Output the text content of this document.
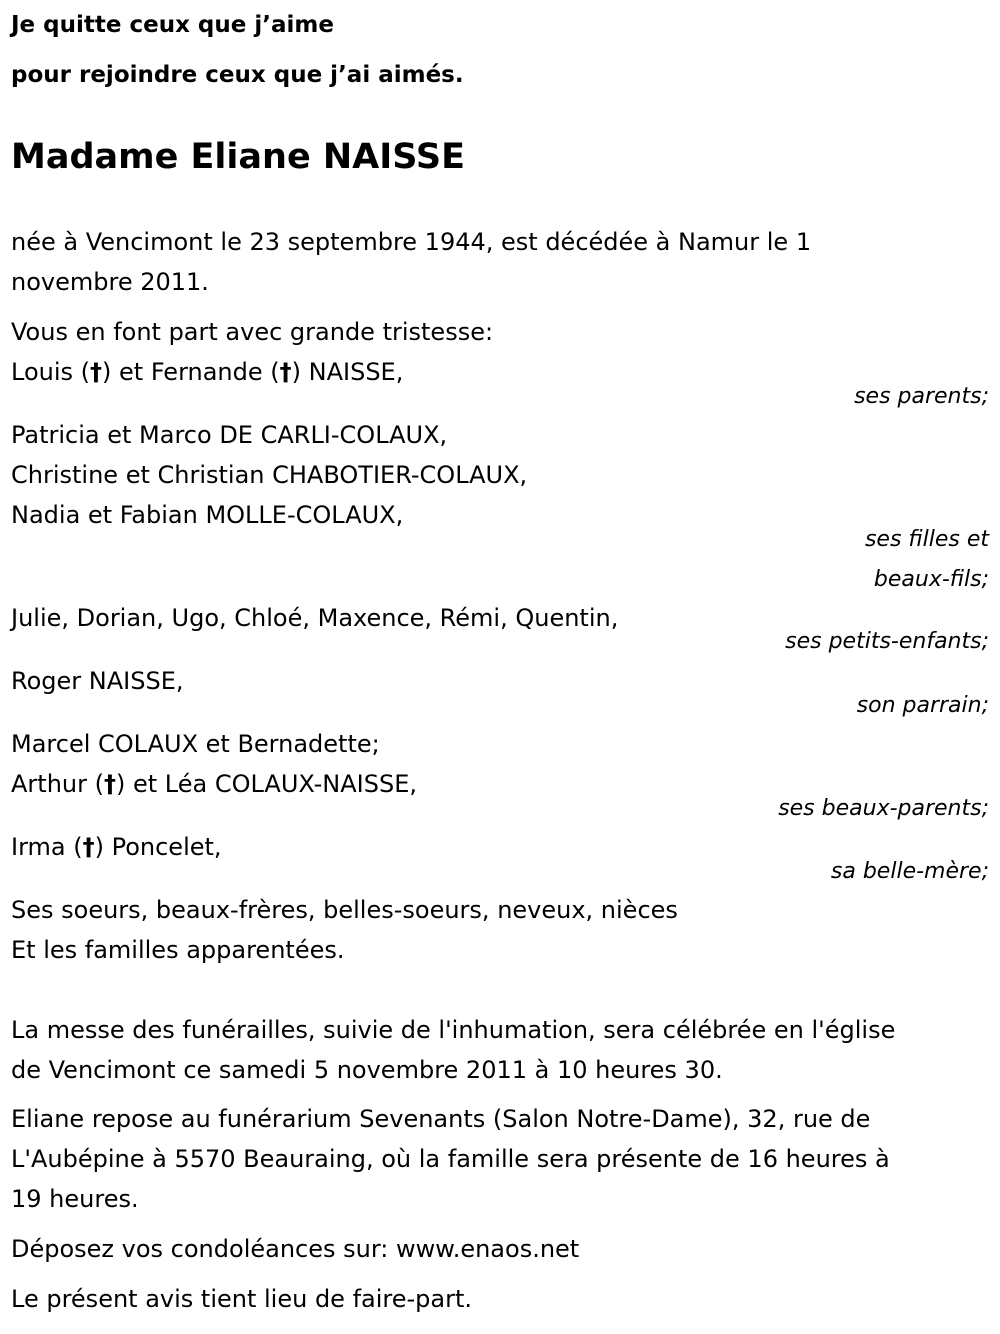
Je quitte ceux que j’aime
pour rejoindre ceux que j’ai aimés.
Madame Eliane NAISSE
née à Vencimont le 23 septembre 1944, est décédée à Namur le 1
novembre 2011.
Vous en font part avec grande tristesse:
Louis (†) et Fernande (†) NAISSE,
ses parents;
Patricia et Marco DE CARLI-COLAUX,
Christine et Christian CHABOTIER-COLAUX,
Nadia et Fabian MOLLE-COLAUX,
ses filles et
beaux-fils;
Julie, Dorian, Ugo, Chloé, Maxence, Rémi, Quentin,
ses petits-enfants;
Roger NAISSE,
son parrain;
Marcel COLAUX et Bernadette;
Arthur (†) et Léa COLAUX-NAISSE,
ses beaux-parents;
Irma (†) Poncelet,
sa belle-mère;
Ses soeurs, beaux-frères, belles-soeurs, neveux, nièces
Et les familles apparentées.
La messe des funérailles, suivie de l'inhumation, sera célébrée en l'église
de Vencimont ce samedi 5 novembre 2011 à 10 heures 30.
Eliane repose au funérarium Sevenants (Salon Notre-Dame), 32, rue de
L'Aubépine à 5570 Beauraing, où la famille sera présente de 16 heures à
19 heures.
Déposez vos condoléances sur: www.enaos.net
Le présent avis tient lieu de faire-part.
